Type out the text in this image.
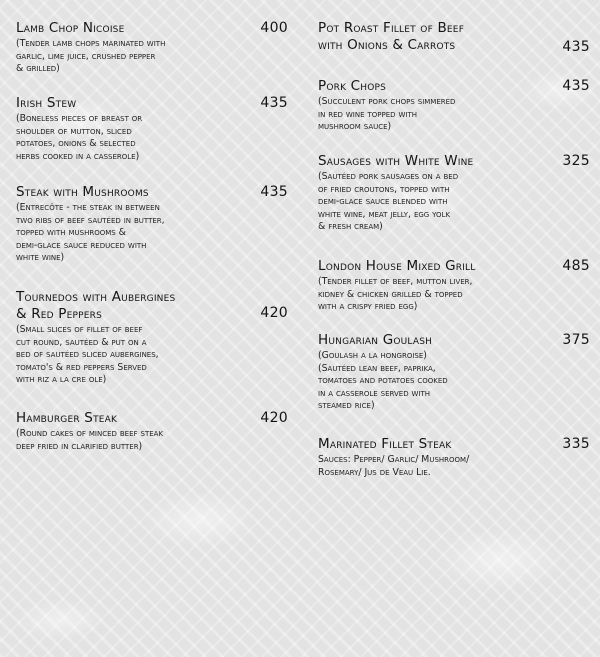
Lamb Chop Nicoise	400
(Tender lamb chops marinated with
garlic, lime juice, crushed pepper
& grilled)
Irish Stew	435
(Boneless pieces of breast or
shoulder of mutton, sliced
potatoes, onions & selected
herbs cooked in a casserole)
Steak with Mushrooms	435
(Entrecôte - the steak in between
two ribs of beef sautéed in butter,
topped with mushrooms &
demi-glace sauce reduced with
white wine)
Tournedos with Aubergines
& Red Peppers	420
(Small slices of fillet of beef
cut round, sautéed & put on a
bed of sautéed sliced aubergines,
tomato's & red peppers Served
with riz a la cre ole)
Hamburger Steak	420
(Round cakes of minced beef steak
deep fried in clarified butter)
Pot Roast Fillet of Beef
with Onions & Carrots	435
Pork Chops	435
(Succulent pork chops simmered
in red wine topped with
mushroom sauce)
Sausages with White Wine	325
(Sautéed pork sausages on a bed
of fried croutons, topped with
demi-glace sauce blended with
white wine, meat jelly, egg yolk
& fresh cream)
London House Mixed Grill	485
(Tender fillet of beef, mutton liver,
kidney & chicken grilled & topped
with a crispy fried egg)
Hungarian Goulash	375
(Goulash a la hongroise)
(Sautéed lean beef, paprika,
tomatoes and potatoes cooked
in a casserole served with
steamed rice)
Marinated Fillet Steak	335
Sauces: Pepper/ Garlic/ Mushroom/
Rosemary/ Jus de Veau Lie.
